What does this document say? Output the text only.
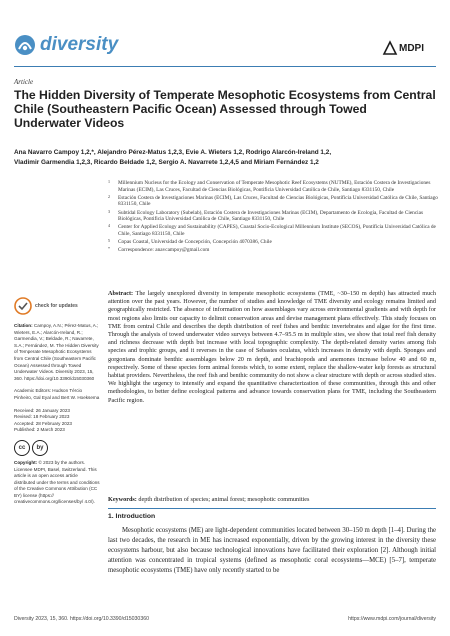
diversity	MDPI
Article
The Hidden Diversity of Temperate Mesophotic Ecosystems from Central Chile (Southeastern Pacific Ocean) Assessed through Towed Underwater Videos
Ana Navarro Campoy 1,2,*, Alejandro Pérez-Matus 1,2,3, Evie A. Wieters 1,2, Rodrigo Alarcón-Ireland 1,2,
Vladimir Garmendia 1,2,3, Ricardo Beldade 1,2, Sergio A. Navarrete 1,2,4,5 and Miriam Fernández 1,2
1 Millennium Nucleus for the Ecology and Conservation of Temperate Mesophotic Reef Ecosystems (NUTME), Estación Costera de Investigaciones Marinas (ECIM), Las Cruces, Facultad de Ciencias Biológicas, Pontificia Universidad Católica de Chile, Santiago 8331150, Chile
2 Estación Costera de Investigaciones Marinas (ECIM), Las Cruces, Facultad de Ciencias Biológicas, Pontificia Universidad Católica de Chile, Santiago 8331150, Chile
3 Subtidal Ecology Laboratory (Subelab), Estación Costera de Investigaciones Marinas (ECIM), Departamento de Ecología, Facultad de Ciencias Biológicas, Pontificia Universidad Católica de Chile, Santiago 8331150, Chile
4 Center for Applied Ecology and Sustainability (CAPES), Coastal Socio-Ecological Millennium Institute (SECOS), Pontificia Universidad Católica de Chile, Santiago 8331150, Chile
5 Copas Coastal, Universidad de Concepción, Concepción 4070386, Chile
* Correspondence: anavcampoy@gmail.com
check for updates

Citation: Campoy, A.N.; Pérez-Matus, A.; Wieters, E.A.; Alarcón-Ireland, R.; Garmendia, V.; Beldade, R.; Navarrete, S.A.; Fernández, M. The Hidden Diversity of Temperate Mesophotic Ecosystems from Central Chile (Southeastern Pacific Ocean) Assessed through Towed Underwater Videos. Diversity 2023, 15, 360. https://doi.org/10.3390/d15030360

Academic Editors: Hudson Tércio Pinheiro, Gal Eyal and Bert W. Hoeksema

Received: 26 January 2023
Revised: 18 February 2023
Accepted: 28 February 2023
Published: 2 March 2023
cc	by

Copyright: © 2023 by the authors. Licensee MDPI, Basel, Switzerland. This article is an open access article distributed under the terms and conditions of the Creative Commons Attribution (CC BY) license (https:// creativecommons.org/licenses/by/ 4.0/).

Abstract: The largely unexplored diversity in temperate mesophotic ecosystems (TME, ~30–150 m depth) has attracted much attention over the past years. However, the number of studies and knowledge of TME diversity and ecology remains limited and geographically restricted. The absence of information on how assemblages vary across environmental gradients and with depth for most regions also limits our capacity to delimit conservation areas and devise management plans effectively. This study focuses on TME from central Chile and describes the depth distribution of reef fishes and benthic invertebrates and algae for the first time. Through the analysis of towed underwater video surveys between 4.7–95.5 m in multiple sites, we show that total reef fish density and richness decrease with depth but increase with local topographic complexity. The depth-related density varies among fish species and trophic groups, and it reverses in the case of Sebastes oculatus, which increases in density with depth. Sponges and gorgonians dominate benthic assemblages below 20 m depth, and brachiopods and anemones increase below 40 and 60 m, respectively. Some of these species form animal forests which, to some extent, replace the shallow-water kelp forests as structural habitat providers. Nevertheless, the reef fish and benthic community do not show a clear structure with depth or across studied sites. We highlight the urgency to intensify and expand the quantitative characterization of these communities, through this and other methodologies, to better define ecological patterns and advance towards conservation plans for TME, including the Southeastern Pacific region.

Keywords: depth distribution of species; animal forest; mesophotic communities
1. Introduction
Mesophotic ecosystems (ME) are light-dependent communities located between 30–150 m depth [1–4]. During the last two decades, the research in ME has increased exponentially, driven by the growing interest in the diversity these ecosystems harbour, but also because technological innovations have facilitated their exploration [2]. Although initial attention was concentrated in tropical systems (defined as mesophotic coral ecosystems—MCE) [5–7], temperate mesophotic ecosystems (TME) have only recently started to be
Diversity 2023, 15, 360. https://doi.org/10.3390/d15030360	https://www.mdpi.com/journal/diversity
